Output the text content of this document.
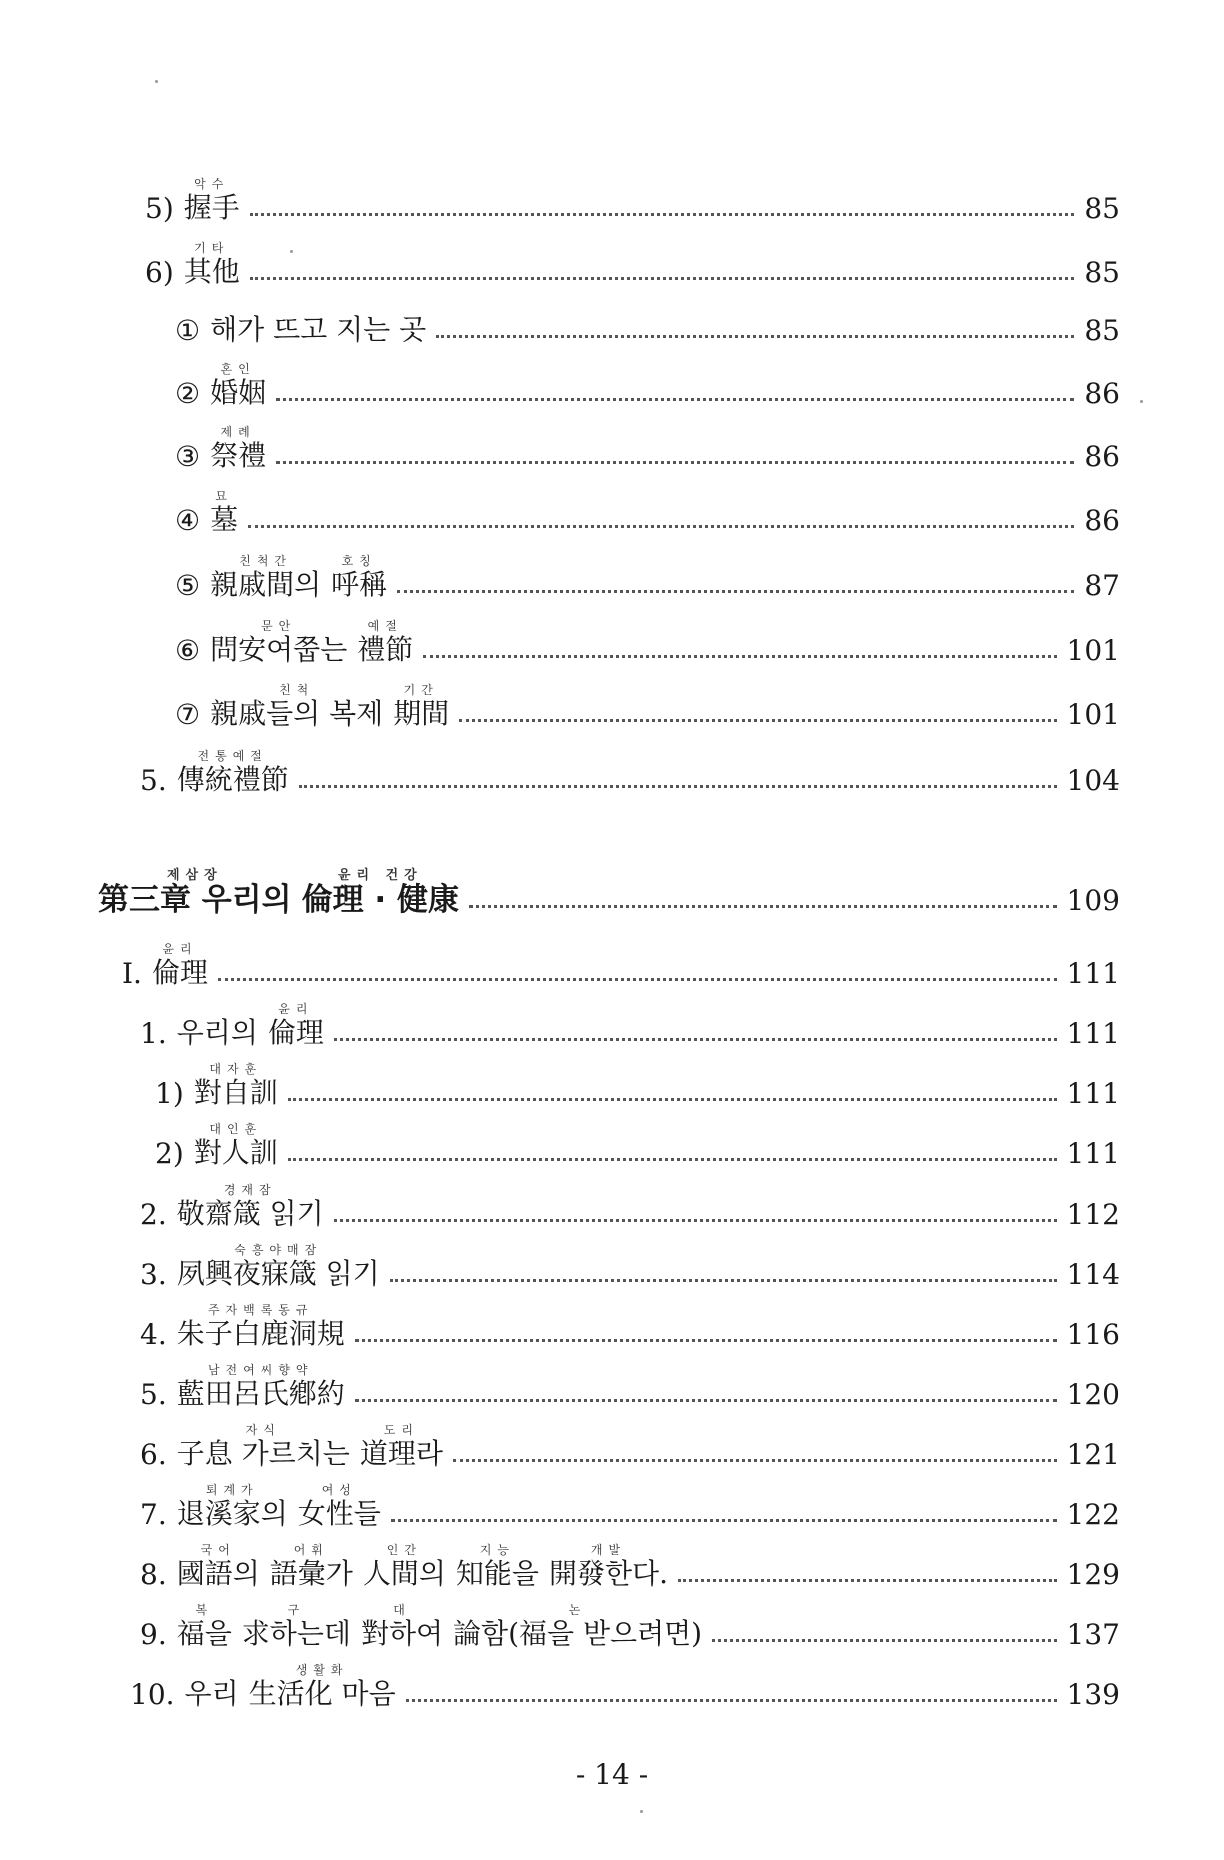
5)
악수
握手	85
6)
기타
其他	85
① 해가 뜨고 지는 곳	85
②
혼인
婚姻	86
③
제례
祭禮	86
④
묘
墓	86
⑤
친척간
親戚間의
호칭
呼稱	87
⑥
문안
問安여쭙는
예절
禮節	101
⑦
친척
親戚들의 복제
기간
期間	101
5.
전통예절
傳統禮節	104
제삼장
第三章 우리의
윤리 건강
倫理 · 健康	109
Ⅰ.
윤리
倫理	111
1. 우리의
윤리
倫理	111
1)
대자훈
對自訓	111
2)
대인훈
對人訓	111
2.
경재잠
敬齋箴 읽기	112
3.
숙흥야매잠
夙興夜寐箴 읽기	114
4.
주자백록동규
朱子白鹿洞規	116
5.
남전여씨향약
藍田呂氏鄕約	120
6.
자식
子息 가르치는
도리
道理라	121
7.
퇴계가
退溪家의
여성
女性들	122
8.
국어
國語의
어휘
語彙가
인간
人間의
지능
知能을
개발
開發한다.	129
9.
복
福을
구
求하는데
대
對하여
논
論함(福을 받으려면)	137
10. 우리
생활화
生活化 마음	139
- 14 -
